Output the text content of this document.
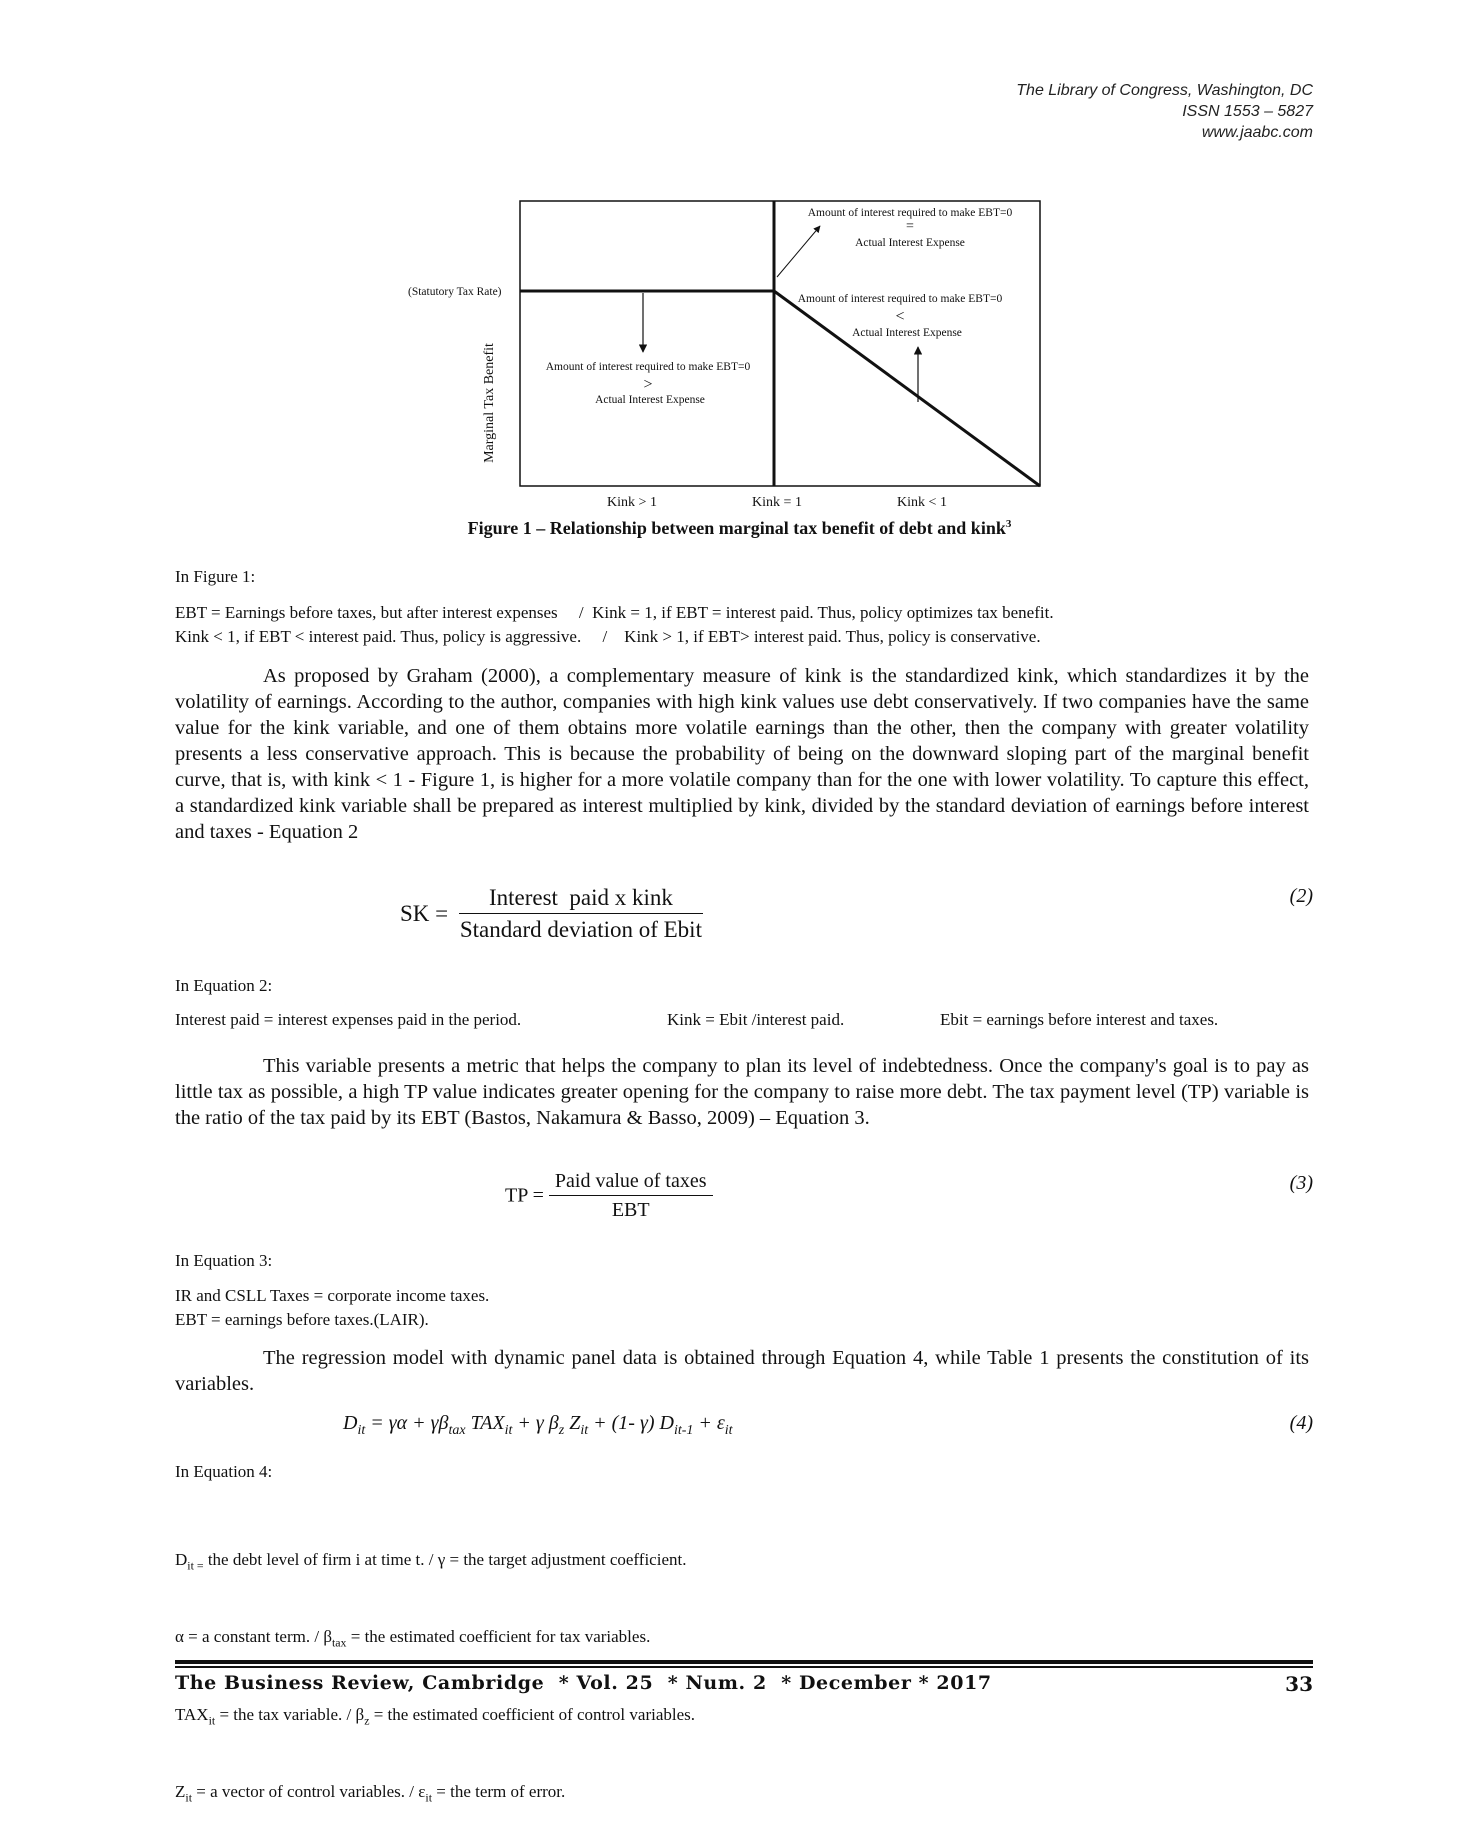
The Library of Congress, Washington, DC
ISSN 1553 – 5827
www.jaabc.com
(Statutory Tax Rate)
Marginal Tax Benefit
Amount of interest required to make EBT=0
=
Actual Interest Expense
Amount of interest required to make EBT=0
<
Actual Interest Expense
Amount of interest required to make EBT=0
>
Actual Interest Expense
Kink > 1	Kink = 1	Kink < 1
Figure 1 – Relationship between marginal tax benefit of debt and kink$^3$
In Figure 1:
EBT = Earnings before taxes, but after interest expenses     /  Kink = 1, if EBT = interest paid. Thus, policy optimizes tax benefit.
Kink < 1, if EBT < interest paid. Thus, policy is aggressive.     /    Kink > 1, if EBT> interest paid. Thus, policy is conservative.
As proposed by Graham (2000), a complementary measure of kink is the standardized kink, which standardizes it by the volatility of earnings. According to the author, companies with high kink values use debt conservatively. If two companies have the same value for the kink variable, and one of them obtains more volatile earnings than the other, then the company with greater volatility presents a less conservative approach. This is because the probability of being on the downward sloping part of the marginal benefit curve, that is, with kink < 1 - Figure 1, is higher for a more volatile company than for the one with lower volatility. To capture this effect, a standardized kink variable shall be prepared as interest multiplied by kink, divided by the standard deviation of earnings before interest and taxes - Equation 2
SK = $\frac{\text{Interest  paid x kink}}{\text{Standard deviation of Ebit}}$	(2)
In Equation 2:
Interest paid = interest expenses paid in the period.	Kink = Ebit /interest paid.	Ebit = earnings before interest and taxes.
This variable presents a metric that helps the company to plan its level of indebtedness. Once the company's goal is to pay as little tax as possible, a high TP value indicates greater opening for the company to raise more debt. The tax payment level (TP) variable is the ratio of the tax paid by its EBT (Bastos, Nakamura & Basso, 2009) – Equation 3.
TP = $\frac{\text{Paid value of taxes}}{\text{EBT}}$	(3)
In Equation 3:
IR and CSLL Taxes = corporate income taxes.
EBT = earnings before taxes.(LAIR).
The regression model with dynamic panel data is obtained through Equation 4, while Table 1 presents the constitution of its variables.
$D_{it} = \gamma\alpha + \gamma\beta_{tax}$ $TAX_{it} + \gamma$ $\beta_z$ $Z_{it} + (1-$ γ) $D_{it-1} + \varepsilon_{it}$	(4)
In Equation 4:

$D_{it =}$ the debt level of firm i at time t. / γ = the target adjustment coefficient.

α = a constant term. / $\beta_{tax}$ = the estimated coefficient for tax variables.

$TAX_{it}$ = the tax variable. / $\beta_z$ = the estimated coefficient of control variables.

$Z_{it} = a$ vector of control variables. / $\varepsilon_{it}$ = the term of error.

The Business Review, Cambridge  * Vol. 25  * Num. 2  * December * 2017	33
